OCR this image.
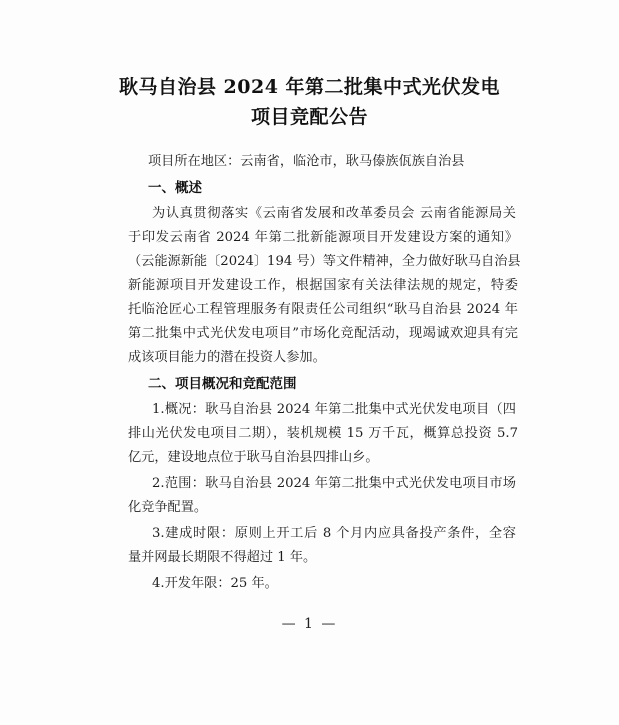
耿马自治县 2024 年第二批集中式光伏发电
项目竞配公告
项目所在地区：云南省，临沧市，耿马傣族佤族自治县
一、概述
为认真贯彻落实《云南省发展和改革委员会 云南省能源局关
于印发云南省 2024 年第二批新能源项目开发建设方案的通知》
（云能源新能〔2024〕194 号）等文件精神，全力做好耿马自治县
新能源项目开发建设工作，根据国家有关法律法规的规定，特委
托临沧匠心工程管理服务有限责任公司组织“耿马自治县 2024 年
第二批集中式光伏发电项目”市场化竞配活动，现竭诚欢迎具有完
成该项目能力的潜在投资人参加。
二、项目概况和竞配范围
1.概况：耿马自治县 2024 年第二批集中式光伏发电项目（四
排山光伏发电项目二期），装机规模 15 万千瓦，概算总投资 5.7
亿元，建设地点位于耿马自治县四排山乡。
2.范围：耿马自治县 2024 年第二批集中式光伏发电项目市场
化竞争配置。
3.建成时限：原则上开工后 8 个月内应具备投产条件，全容
量并网最长期限不得超过 1 年。
4.开发年限：25 年。
— 1 —
